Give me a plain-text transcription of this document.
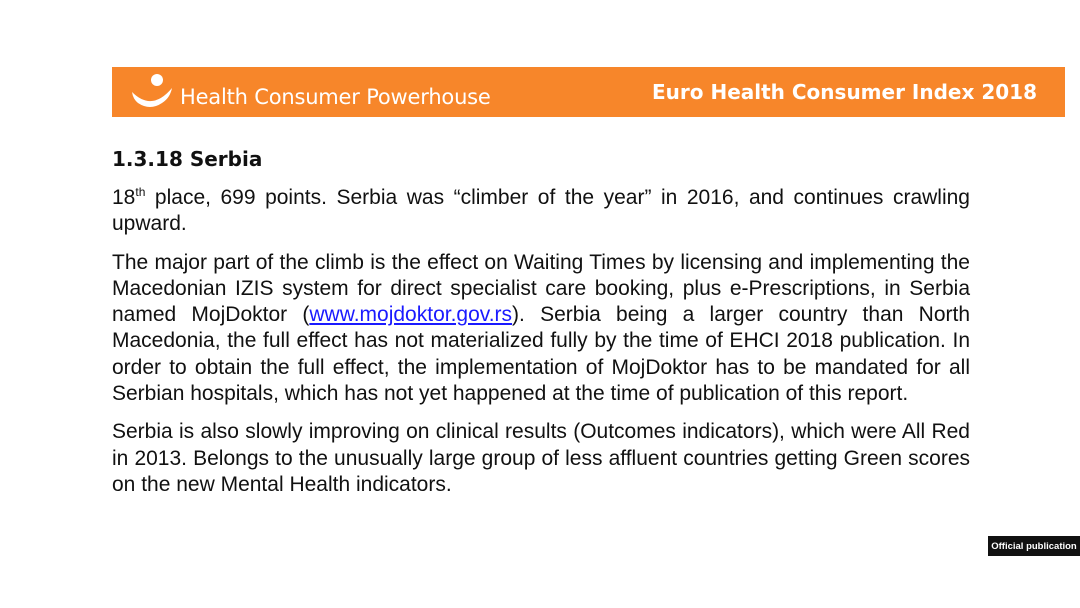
Health Consumer Powerhouse	Euro Health Consumer Index 2018
1.3.18 Serbia

18th place, 699 points. Serbia was “climber of the year” in 2016, and continues crawling upward.

The major part of the climb is the effect on Waiting Times by licensing and implementing the Macedonian IZIS system for direct specialist care booking, plus e-Prescriptions, in Serbia named MojDoktor (www.mojdoktor.gov.rs). Serbia being a larger country than North Macedonia, the full effect has not materialized fully by the time of EHCI 2018 publication. In order to obtain the full effect, the implementation of MojDoktor has to be mandated for all Serbian hospitals, which has not yet happened at the time of publication of this report.

Serbia is also slowly improving on clinical results (Outcomes indicators), which were All Red in 2013. Belongs to the unusually large group of less affluent countries getting Green scores on the new Mental Health indicators.

Official publication
